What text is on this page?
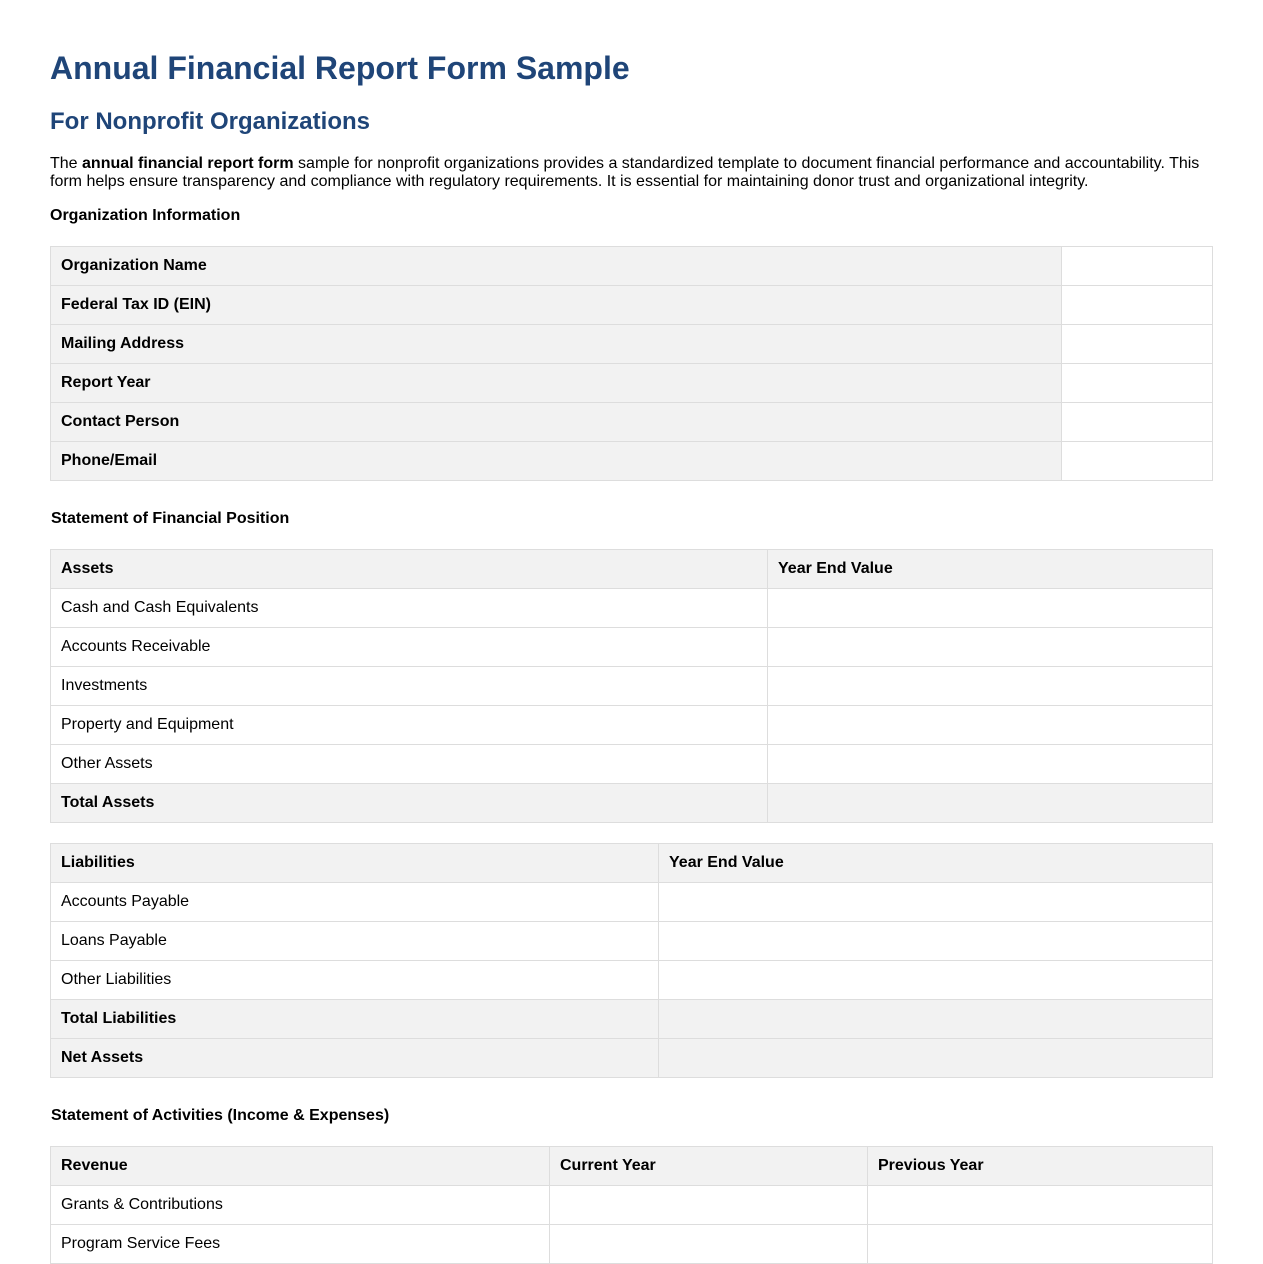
Annual Financial Report Form Sample
For Nonprofit Organizations

The annual financial report form sample for nonprofit organizations provides a standardized template to document financial performance and accountability. This form helps ensure transparency and compliance with regulatory requirements. It is essential for maintaining donor trust and organizational integrity.

Organization Information
Organization Name	
Federal Tax ID (EIN)	
Mailing Address	
Report Year	
Contact Person	
Phone/Email	
Statement of Financial Position
Assets	Year End Value
Cash and Cash Equivalents	
Accounts Receivable	
Investments	
Property and Equipment	
Other Assets	
Total Assets	
Liabilities	Year End Value
Accounts Payable	
Loans Payable	
Other Liabilities	
Total Liabilities	
Net Assets	
Statement of Activities (Income & Expenses)
Revenue	Current Year	Previous Year
Grants & Contributions		
Program Service Fees		
